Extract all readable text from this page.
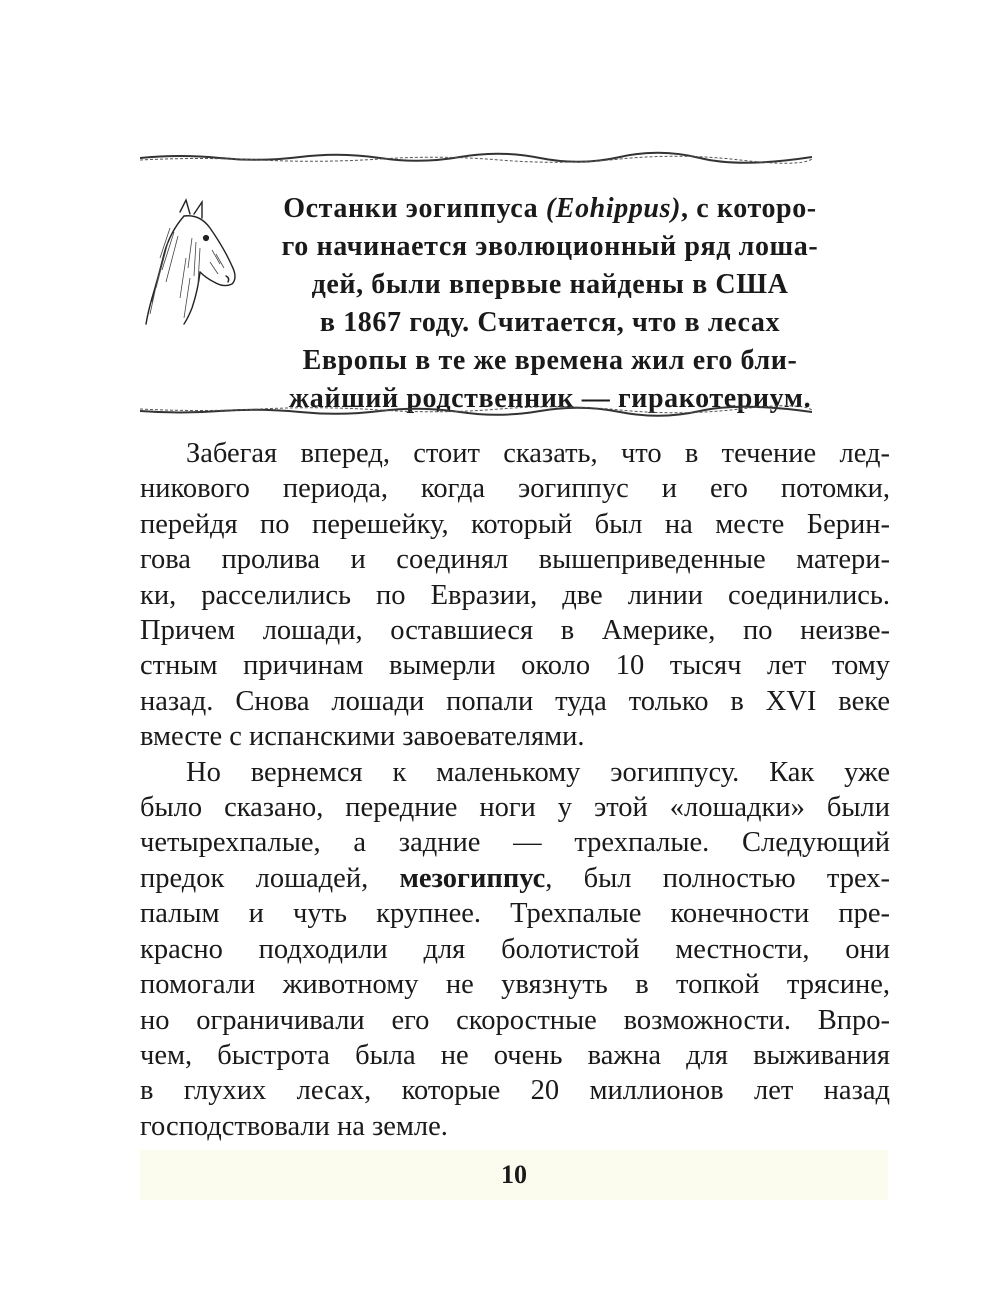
Останки эогиппуса (Eohippus), с которо-
го начинается эволюционный ряд лоша-
дей, были впервые найдены в США
в 1867 году. Считается, что в лесах
Европы в те же времена жил его бли-
жайший родственник — гиракотериум.
Забегая вперед, стоит сказать, что в течение лед-
никового периода, когда эогиппус и его потомки,
перейдя по перешейку, который был на месте Берин-
гова пролива и соединял вышеприведенные матери-
ки, расселились по Евразии, две линии соединились.
Причем лошади, оставшиеся в Америке, по неизве-
стным причинам вымерли около 10 тысяч лет тому
назад. Снова лошади попали туда только в XVI веке
вместе с испанскими завоевателями.
Но вернемся к маленькому эогиппусу. Как уже
было сказано, передние ноги у этой «лошадки» были
четырехпалые, а задние — трехпалые. Следующий
предок лошадей, мезогиппус, был полностью трех-
палым и чуть крупнее. Трехпалые конечности пре-
красно подходили для болотистой местности, они
помогали животному не увязнуть в топкой трясине,
но ограничивали его скоростные возможности. Впро-
чем, быстрота была не очень важна для выживания
в глухих лесах, которые 20 миллионов лет назад
господствовали на земле.
10
